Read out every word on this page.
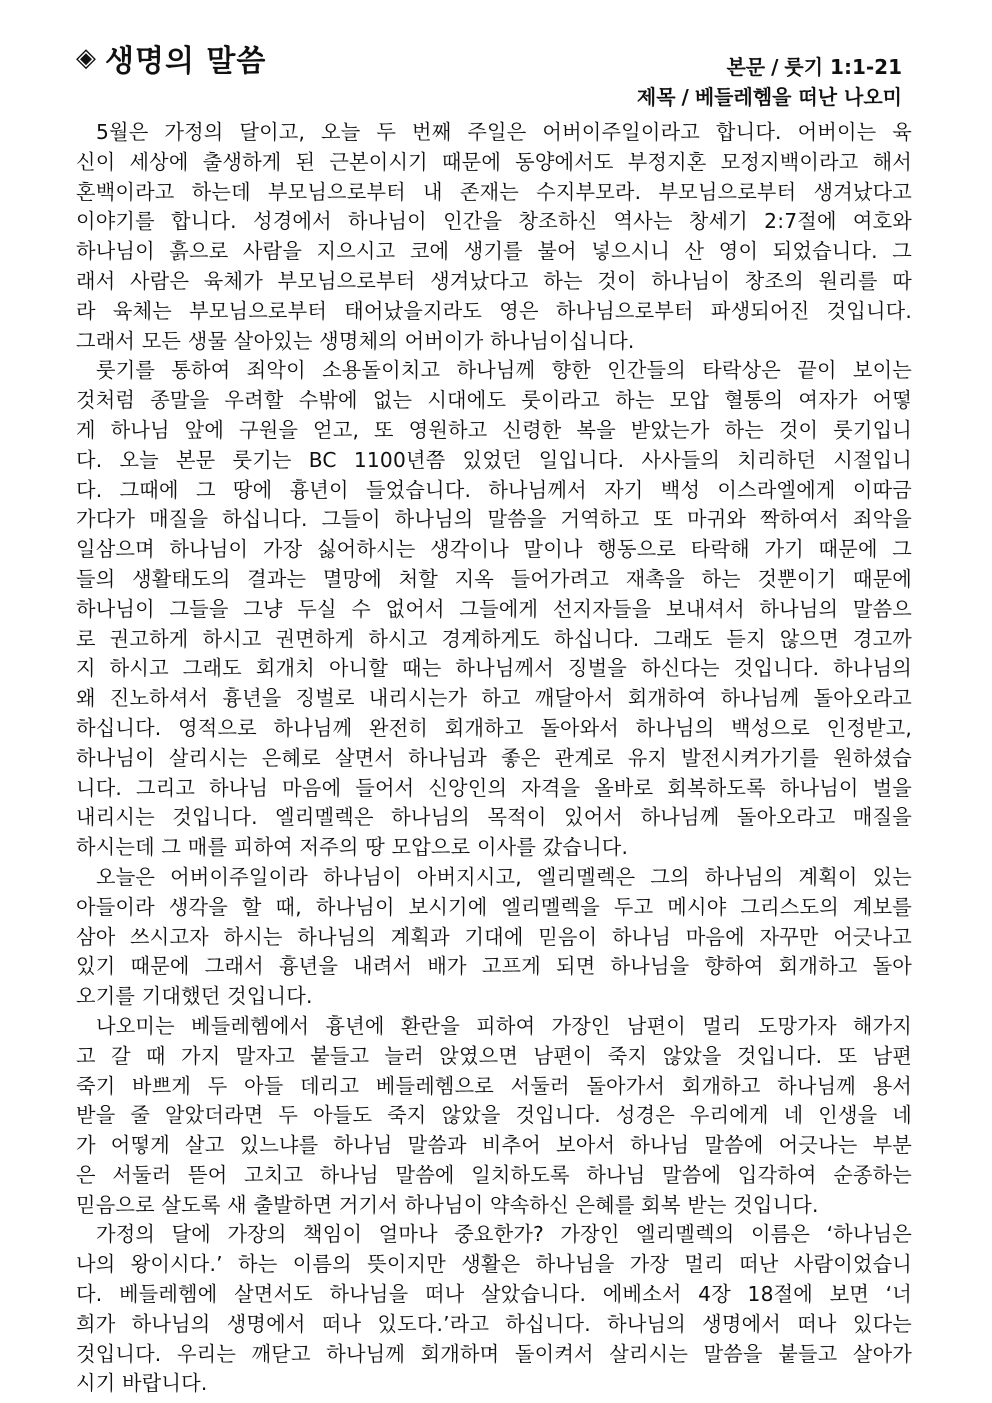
◈ 생명의 말씀	본문 / 룻기 1:1-21
제목 / 베들레헴을 떠난 나오미
5월은 가정의 달이고, 오늘 두 번째 주일은 어버이주일이라고 합니다. 어버이는 육
신이 세상에 출생하게 된 근본이시기 때문에 동양에서도 부정지혼 모정지백이라고 해서
혼백이라고 하는데 부모님으로부터 내 존재는 수지부모라. 부모님으로부터 생겨났다고
이야기를 합니다. 성경에서 하나님이 인간을 창조하신 역사는 창세기 2:7절에 여호와
하나님이 흙으로 사람을 지으시고 코에 생기를 불어 넣으시니 산 영이 되었습니다. 그
래서 사람은 육체가 부모님으로부터 생겨났다고 하는 것이 하나님이 창조의 원리를 따
라 육체는 부모님으로부터 태어났을지라도 영은 하나님으로부터 파생되어진 것입니다.
그래서 모든 생물 살아있는 생명체의 어버이가 하나님이십니다.
룻기를 통하여 죄악이 소용돌이치고 하나님께 향한 인간들의 타락상은 끝이 보이는
것처럼 종말을 우려할 수밖에 없는 시대에도 룻이라고 하는 모압 혈통의 여자가 어떻
게 하나님 앞에 구원을 얻고, 또 영원하고 신령한 복을 받았는가 하는 것이 룻기입니
다. 오늘 본문 룻기는 BC 1100년쯤 있었던 일입니다. 사사들의 치리하던 시절입니
다. 그때에 그 땅에 흉년이 들었습니다. 하나님께서 자기 백성 이스라엘에게 이따금
가다가 매질을 하십니다. 그들이 하나님의 말씀을 거역하고 또 마귀와 짝하여서 죄악을
일삼으며 하나님이 가장 싫어하시는 생각이나 말이나 행동으로 타락해 가기 때문에 그
들의 생활태도의 결과는 멸망에 처할 지옥 들어가려고 재촉을 하는 것뿐이기 때문에
하나님이 그들을 그냥 두실 수 없어서 그들에게 선지자들을 보내셔서 하나님의 말씀으
로 권고하게 하시고 권면하게 하시고 경계하게도 하십니다. 그래도 듣지 않으면 경고까
지 하시고 그래도 회개치 아니할 때는 하나님께서 징벌을 하신다는 것입니다. 하나님의
왜 진노하셔서 흉년을 징벌로 내리시는가 하고 깨달아서 회개하여 하나님께 돌아오라고
하십니다. 영적으로 하나님께 완전히 회개하고 돌아와서 하나님의 백성으로 인정받고,
하나님이 살리시는 은혜로 살면서 하나님과 좋은 관계로 유지 발전시켜가기를 원하셨습
니다. 그리고 하나님 마음에 들어서 신앙인의 자격을 올바로 회복하도록 하나님이 벌을
내리시는 것입니다. 엘리멜렉은 하나님의 목적이 있어서 하나님께 돌아오라고 매질을
하시는데 그 매를 피하여 저주의 땅 모압으로 이사를 갔습니다.
오늘은 어버이주일이라 하나님이 아버지시고, 엘리멜렉은 그의 하나님의 계획이 있는
아들이라 생각을 할 때, 하나님이 보시기에 엘리멜렉을 두고 메시야 그리스도의 계보를
삼아 쓰시고자 하시는 하나님의 계획과 기대에 믿음이 하나님 마음에 자꾸만 어긋나고
있기 때문에 그래서 흉년을 내려서 배가 고프게 되면 하나님을 향하여 회개하고 돌아
오기를 기대했던 것입니다.
나오미는 베들레헴에서 흉년에 환란을 피하여 가장인 남편이 멀리 도망가자 해가지
고 갈 때 가지 말자고 붙들고 늘러 앉였으면 남편이 죽지 않았을 것입니다. 또 남편
죽기 바쁘게 두 아들 데리고 베들레헴으로 서둘러 돌아가서 회개하고 하나님께 용서
받을 줄 알았더라면 두 아들도 죽지 않았을 것입니다. 성경은 우리에게 네 인생을 네
가 어떻게 살고 있느냐를 하나님 말씀과 비추어 보아서 하나님 말씀에 어긋나는 부분
은 서둘러 뜯어 고치고 하나님 말씀에 일치하도록 하나님 말씀에 입각하여 순종하는
믿음으로 살도록 새 출발하면 거기서 하나님이 약속하신 은혜를 회복 받는 것입니다.
가정의 달에 가장의 책임이 얼마나 중요한가? 가장인 엘리멜렉의 이름은 ‘하나님은
나의 왕이시다.’ 하는 이름의 뜻이지만 생활은 하나님을 가장 멀리 떠난 사람이었습니
다. 베들레헴에 살면서도 하나님을 떠나 살았습니다. 에베소서 4장 18절에 보면 ‘너
희가 하나님의 생명에서 떠나 있도다.’라고 하십니다. 하나님의 생명에서 떠나 있다는
것입니다. 우리는 깨닫고 하나님께 회개하며 돌이켜서 살리시는 말씀을 붙들고 살아가
시기 바랍니다.
